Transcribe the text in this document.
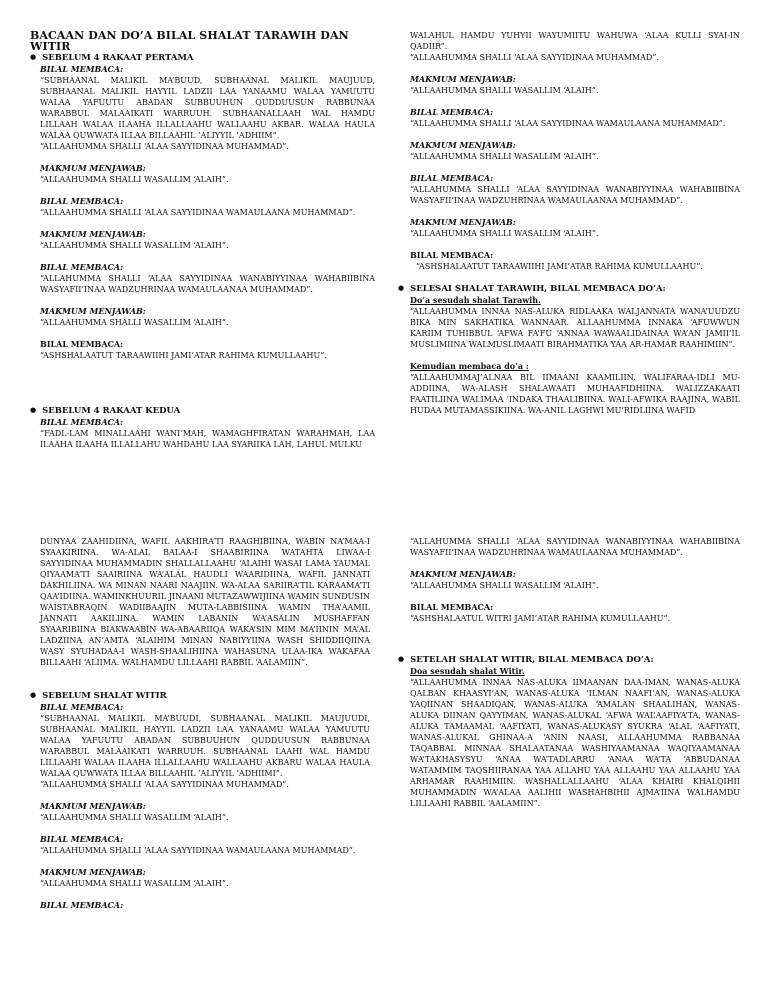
BACAAN DAN DO’A BILAL SHALAT TARAWIH DAN WITIR

● SEBELUM 4 RAKAAT PERTAMA

BILAL MEMBACA:

“SUBHAANAL MALIKIL MA’BUUD, SUBHAANAL MALIKIL MAUJUUD, SUBHAANAL MALIKIL HAYYIL LADZII LAA YANAAMU WALAA YAMUUTU WALAA YAFUUTU ABADAN SUBBUUHUN QUDDUUSUN RABBUNAA WARABBUL MALAAIKATI WARRUUH. SUBHAANALLAAH WAL HAMDU LILLAAH WALAA ILAAHA ILLALLAAHU WALLAAHU AKBAR. WALAA HAULA WALAA QUWWATA ILLAA BILLAAHIL ’ALIYYIL ’ADHIIM”.

“ALLAAHUMMA SHALLI ‘ALAA SAYYIDINAA MUHAMMAD”.

MAKMUM MENJAWAB:

“ALLAAHUMMA SHALLI WASALLIM ‘ALAIH”.

BILAL MEMBACA:

“ALLAAHUMMA SHALLI ‘ALAA SAYYIDINAA WAMAULAANA MUHAMMAD”.

MAKMUM MENJAWAB:

“ALLAAHUMMA SHALLI WASALLIM ‘ALAIH”.

BILAL MEMBACA:

“ALLAHUMMA SHALLI ‘ALAA SAYYIDINAA WANABIYYINAA WAHABIIBINA WASYAFII’INAA WADZUHRINAA WAMAULAANAA MUHAMMAD”.

MAKMUM MENJAWAB:

“ALLAAHUMMA SHALLI WASALLIM ‘ALAIH”.

BILAL MEMBACA:

“ASHSHALAATUT TARAAWIIHI JAMI’ATAR RAHIMA KUMULLAAHU”.

● SEBELUM 4 RAKAAT KEDUA

BILAL MEMBACA:

“FADL-LAM MINALLAAHI WANI’MAH, WAMAGHFIRATAN WARAHMAH, LAA ILAAHA ILAAHA ILLALLAHU WAHDAHU LAA SYARIIKA LAH, LAHUL MULKU

WALAHUL HAMDU YUHYII WAYUMIITU WAHUWA ‘ALAA KULLI SYAI-IN QADIIR”.

“ALLAAHUMMA SHALLI ‘ALAA SAYYIDINAA MUHAMMAD”.

MAKMUM MENJAWAB:

“ALLAAHUMMA SHALLI WASALLIM ‘ALAIH”.

BILAL MEMBACA:

“ALLAAHUMMA SHALLI ‘ALAA SAYYIDINAA WAMAULAANA MUHAMMAD”.

MAKMUM MENJAWAB:

“ALLAAHUMMA SHALLI WASALLIM ‘ALAIH”.

BILAL MEMBACA:

“ALLAHUMMA SHALLI ‘ALAA SAYYIDINAA WANABIYYINAA WAHABIIBINA WASYAFII’INAA WADZUHRINAA WAMAULAANAA MUHAMMAD”.

MAKMUM MENJAWAB:

“ALLAAHUMMA SHALLI WASALLIM ‘ALAIH”.

BILAL MEMBACA:

“ASHSHALAATUT TARAAWIIHI JAMI’ATAR RAHIMA KUMULLAAHU”.

● SELESAI SHALAT TARAWIH, BILAL MEMBACA DO’A:

Do’a sesudah shalat Tarawih.

“ALLAAHUMMA INNAA NAS-ALUKA RIDLAAKA WALJANNATA WANA’UUDZU BIKA MIN SAKHATIKA WANNAAR. ALLAAHUMMA INNAKA ‘AFUWWUN KARIIM TUHIBBUL ‘AFWA FA’FU ‘ANNAA WAWAALIDAINAA WA’AN JAMII’IL MUSLIMIINA WALMUSLIMAATI BIRAHMATIKA YAA AR-HAMAR RAAHIMIIN”.

Kemudian membaca do’a :

“ALLAAHUMMAJ’ALNAA BIL IIMAANI KAAMILIIN. WALIFARAA-IDLI MU-ADDIINA, WA-ALASH SHALAWAATI MUHAAFIDHIINA. WALIZZAKAATI FAATILIINA WALIMAA ‘INDAKA THAALIBIINA. WALI-AFWIKA RAAJINA, WABIL HUDAA MUTAMASSIKIINA. WA-ANIL LAGHWI MU’RIDLIINA WAFID

DUNYAA ZAAHIDIINA, WAFIL AAKHIRA’TI RAAGHIBIINA, WABIN NA’MAA-I SYAAKIRIINA. WA-ALAL BALAA-I SHAABIRIINA WATAHTA LIWAA-I SAYYIDINAA MUHAMMADIN SHALLALLAAHU ‘ALAIHI WASAI LAMA YAUMAL QIYAAMA’TI SAAIRIINA WA’ALAL HAUDLI WAARIDIINA, WAFIL JANNATI DAKHILIINA. WA MINAN NAARI NAAJIIN. WA-ALAA SARIIRA’TIL KARAAMA’TI QAA’IDIINA. WAMINKHUURIL JINAANI MUTAZAWWIJIINA WAMIN SUNDUSIN WAISTABRAQIN WADIIBAAJIN MUTA-LABBISIINA WAMIN THA’AAMIL JANNATI AAKILIINA. WAMIN LABANIN WA’ASALIN MUSHAFFAN SYAARIBIINA BIAKWAABIN WA-ABAARIIQA WAKA’SIN MIM MA’IININ MA’AL LADZIINA AN’AMTA ‘ALAIHIM MINAN NABIYYIINA WASH SHIDDIIQIINA WASY SYUHADAA-I WASH-SHAALIHIINA WAHASUNA ULAA-IKA WAKAFAA BILLAAHI ‘ALIIMA. WALHAMDU LILLAAHI RABBIL ‘AALAMIIN”.

● SEBELUM SHALAT WITIR

BILAL MEMBACA:

“SUBHAANAL MALIKIL MA’BUUDI, SUBHAANAL MALIKIL MAUJUUDI, SUBHAANAL MALIKIL HAYYIL LADZII LAA YANAAMU WALAA YAMUUTU WALAA YAFUUTU ABADAN SUBBUUHUN QUDDUUSUN RABBUNAA WARABBUL MALAAIKATI WARRUUH. SUBHAANAL LAAHI WAL HAMDU LILLAAHI WALAA ILAAHA ILLALLAAHU WALLAAHU AKBARU WALAA HAULA WALAA QUWWATA ILLAA BILLAAHIL ’ALIYYIL ’ADHIIMI”.

“ALLAAHUMMA SHALLI ‘ALAA SAYYIDINAA MUHAMMAD”.

MAKMUM MENJAWAB:

“ALLAAHUMMA SHALLI WASALLIM ‘ALAIH”.

BILAL MEMBACA:

“ALLAAHUMMA SHALLI ‘ALAA SAYYIDINAA WAMAULAANA MUHAMMAD”.

MAKMUM MENJAWAB:

“ALLAAHUMMA SHALLI WASALLIM ‘ALAIH”.

BILAL MEMBACA:

“ALLAHUMMA SHALLI ‘ALAA SAYYIDINAA WANABIYYINAA WAHABIIBINA WASYAFII’INAA WADZUHRINAA WAMAULAANAA MUHAMMAD”.

MAKMUM MENJAWAB:

“ALLAAHUMMA SHALLI WASALLIM ‘ALAIH”.

BILAL MEMBACA:

“ASHSHALAATUL WITRI JAMI’ATAR RAHIMA KUMULLAAHU”.

● SETELAH SHALAT WITIR, BILAL MEMBACA DO’A:

Doa sesudah shalat Witir.

“ALLAAHUMMA INNAA NAS-ALUKA IIMAANAN DAA-IMAN, WANAS-ALUKA QALBAN KHAASYI’AN, WANAS-ALUKA ‘ILMAN NAAFI’AN, WANAS-ALUKA YAQIINAN SHAADIQAN, WANAS-ALUKA ‘AMALAN SHAALIHAN, WANAS-ALUKA DIINAN QAYYIMAN, WANAS-ALUKAL ‘AFWA WAL’AAFIYA’TA, WANAS-ALUKA TAMAAMAL ‘AAFIYATI, WANAS-ALUKASY SYUKRA ‘ALAL ‘AAFIYATI, WANAS-ALUKAL GHINAA-A ‘ANIN NAASI, ALLAAHUMMA RABBANAA TAQABBAL MINNAA SHALAATANAA WASHIYAAMANAA WAQIYAAMANAA WA’TAKHASYSYU ‘ANAA WA’TADLARRU ‘ANAA WA’TA ‘ABBUDANAA WATAMMIM TAQSHIIRANAA YAA ALLAHU YAA ALLAAHU YAA ALLAAHU YAA ARHAMAR RAAHIMIIN. WASHALLALLAAHU ‘ALAA KHAIRI KHALQIHII MUHAMMADIN WA’ALAA AALIHII WASHAHBIHII AJMA’IINA WALHAMDU LILLAAHI RABBIL ‘AALAMIIN”.
